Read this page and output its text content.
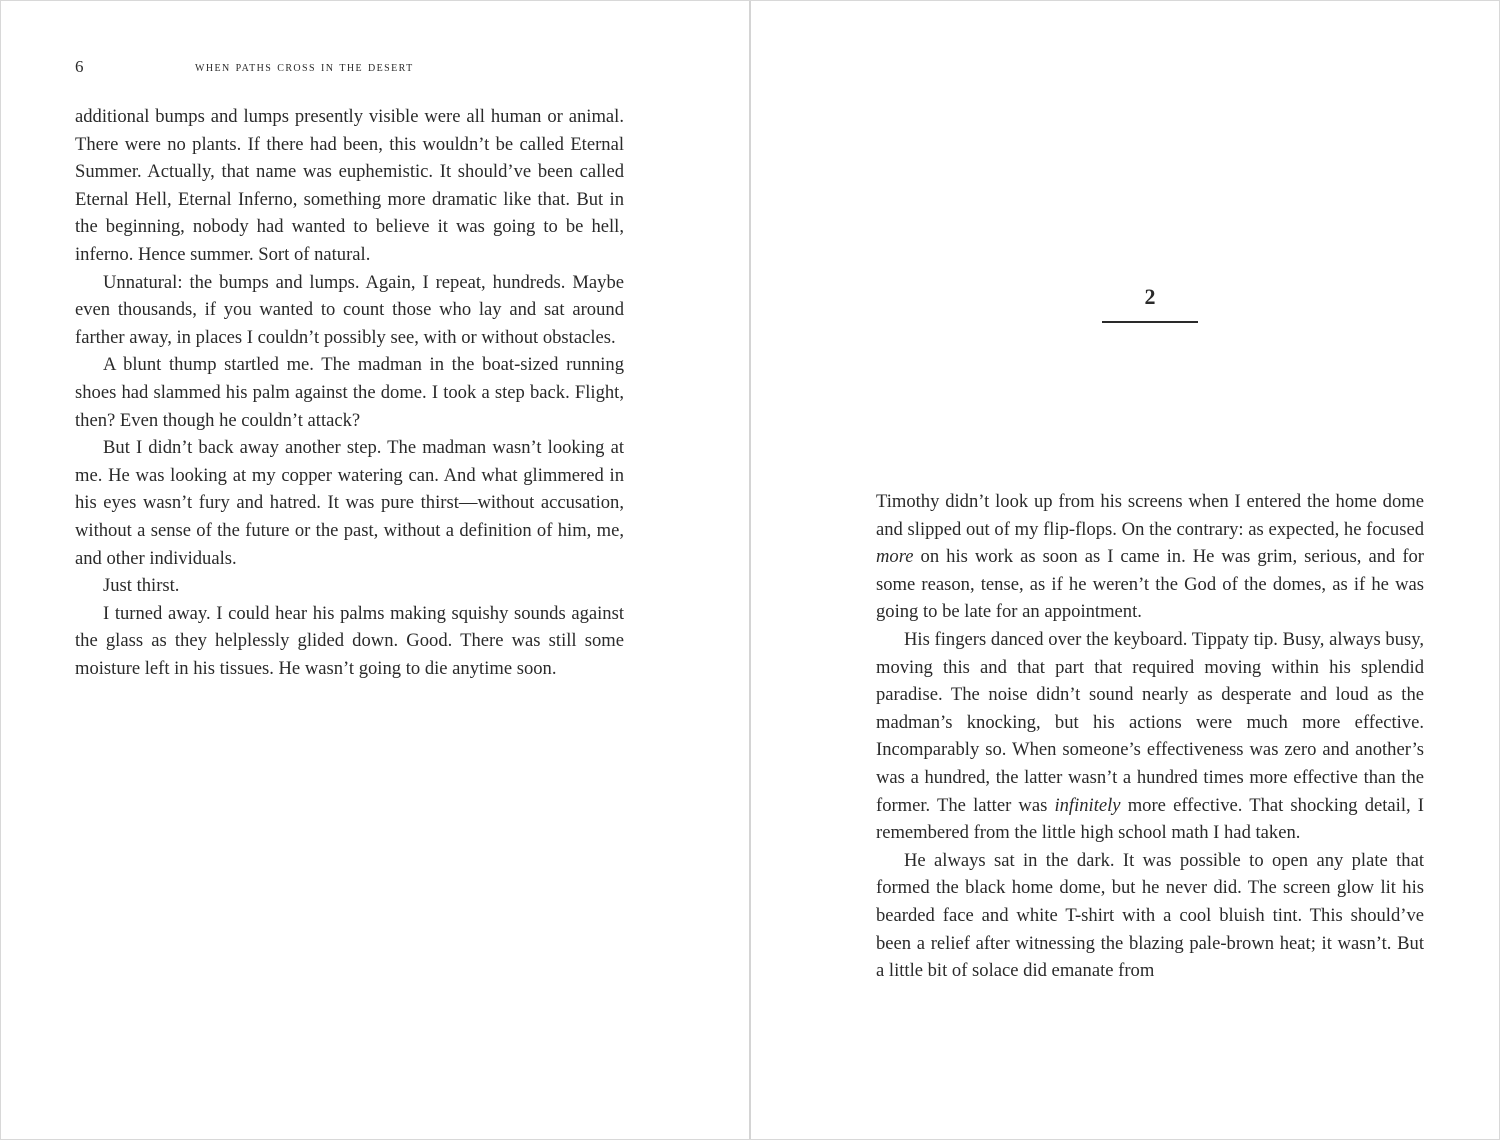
6	when paths cross in the desert

additional bumps and lumps presently visible were all human or animal. There were no plants. If there had been, this wouldn’t be called Eternal Summer. Actually, that name was euphemistic. It should’ve been called Eternal Hell, Eternal Inferno, something more dramatic like that. But in the beginning, nobody had wanted to believe it was going to be hell, inferno. Hence summer. Sort of natural.

Unnatural: the bumps and lumps. Again, I repeat, hundreds. Maybe even thousands, if you wanted to count those who lay and sat around farther away, in places I couldn’t possibly see, with or without obstacles.

A blunt thump startled me. The madman in the boat-sized running shoes had slammed his palm against the dome. I took a step back. Flight, then? Even though he couldn’t attack?

But I didn’t back away another step. The madman wasn’t looking at me. He was looking at my copper watering can. And what glimmered in his eyes wasn’t fury and hatred. It was pure thirst—without accusation, without a sense of the future or the past, without a definition of him, me, and other individuals.

Just thirst.

I turned away. I could hear his palms making squishy sounds against the glass as they helplessly glided down. Good. There was still some moisture left in his tissues. He wasn’t going to die anytime soon.

2

Timothy didn’t look up from his screens when I entered the home dome and slipped out of my flip-flops. On the contrary: as expected, he focused more on his work as soon as I came in. He was grim, serious, and for some reason, tense, as if he weren’t the God of the domes, as if he was going to be late for an appointment.

His fingers danced over the keyboard. Tippaty tip. Busy, always busy, moving this and that part that required moving within his splendid paradise. The noise didn’t sound nearly as desperate and loud as the madman’s knocking, but his actions were much more effective. Incomparably so. When someone’s effectiveness was zero and another’s was a hundred, the latter wasn’t a hundred times more effective than the former. The latter was infinitely more effective. That shocking detail, I remembered from the little high school math I had taken.

He always sat in the dark. It was possible to open any plate that formed the black home dome, but he never did. The screen glow lit his bearded face and white T-shirt with a cool bluish tint. This should’ve been a relief after witnessing the blazing pale-brown heat; it wasn’t. But a little bit of solace did emanate from
